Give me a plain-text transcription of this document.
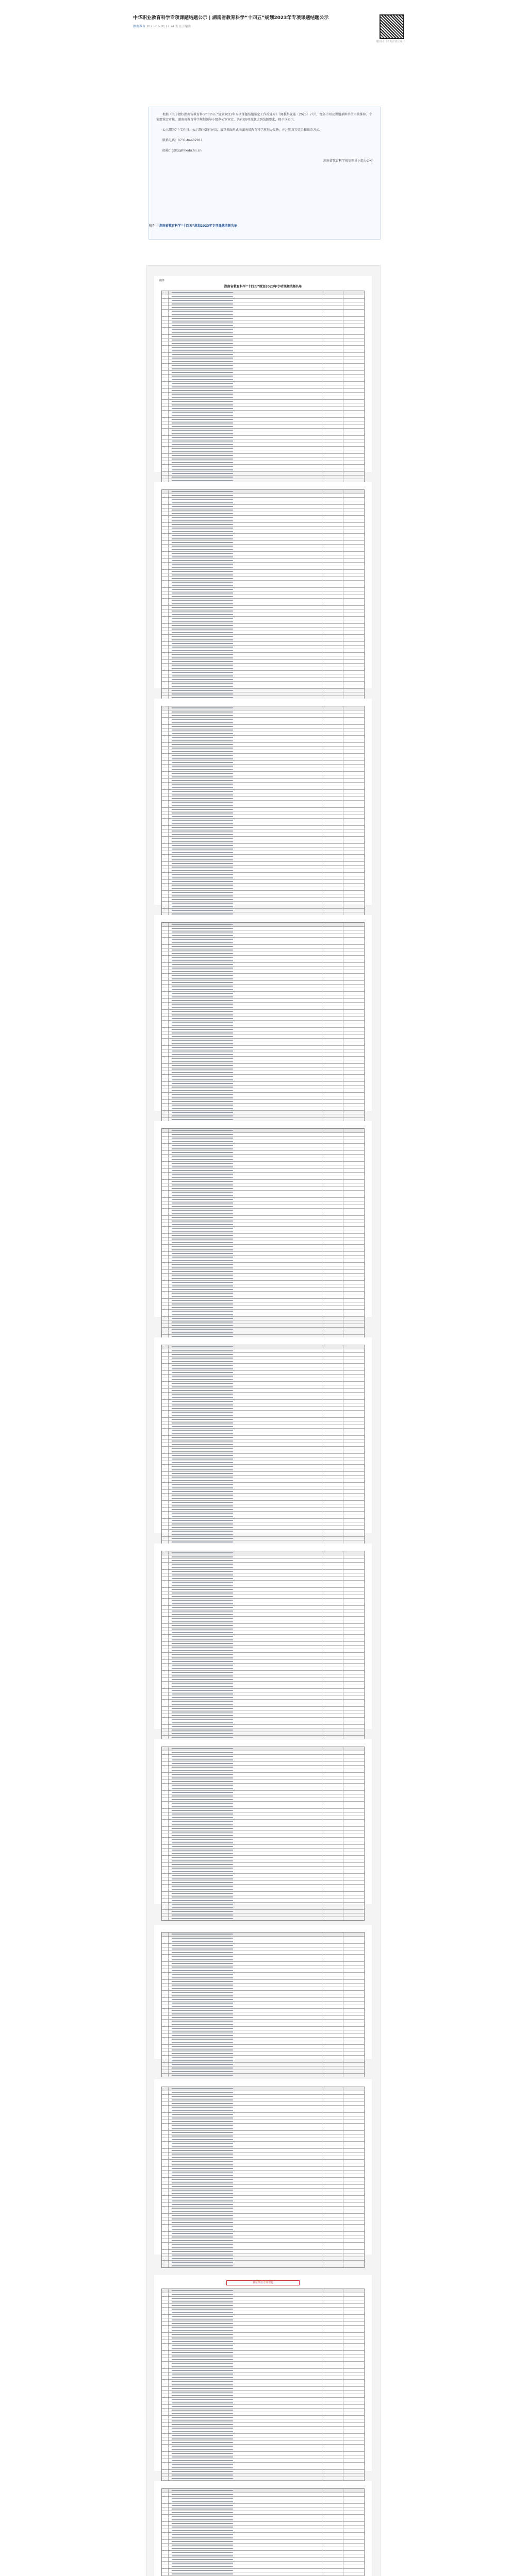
中华职业教育科学专项课题结题公示 | 湖南省教育科学“十四五”规划2023年专项课题结题公示
湖南教育 2025-05-30 17:24 发表于湖南
微信扫一扫 关注该公众号

根据《关于做好湖南省教育科学“十四五”规划2023年专项课题结题鉴定工作的通知》（湘教科规通〔2025〕7号），经各市州及课题承担单位审核推荐，专家组鉴定审核，湖南省教育科学规划领导小组办公室审定，共有XX项课题达到结题要求，现予以公示。

公示期为7个工作日。公示期内如有异议，请以书面形式向湖南省教育科学规划办反映，并注明真实姓名和联系方式。

联系电话：0731-84402911

邮箱：gzhx@hnedu.hn.cn

湖南省教育科学规划领导小组办公室

附件： 湖南省教育科学“十四五”规划2023年专项课题结题名单
附件
湖南省教育科学“十四五”规划2023年专项课题结题名单
获证单位专项课题
